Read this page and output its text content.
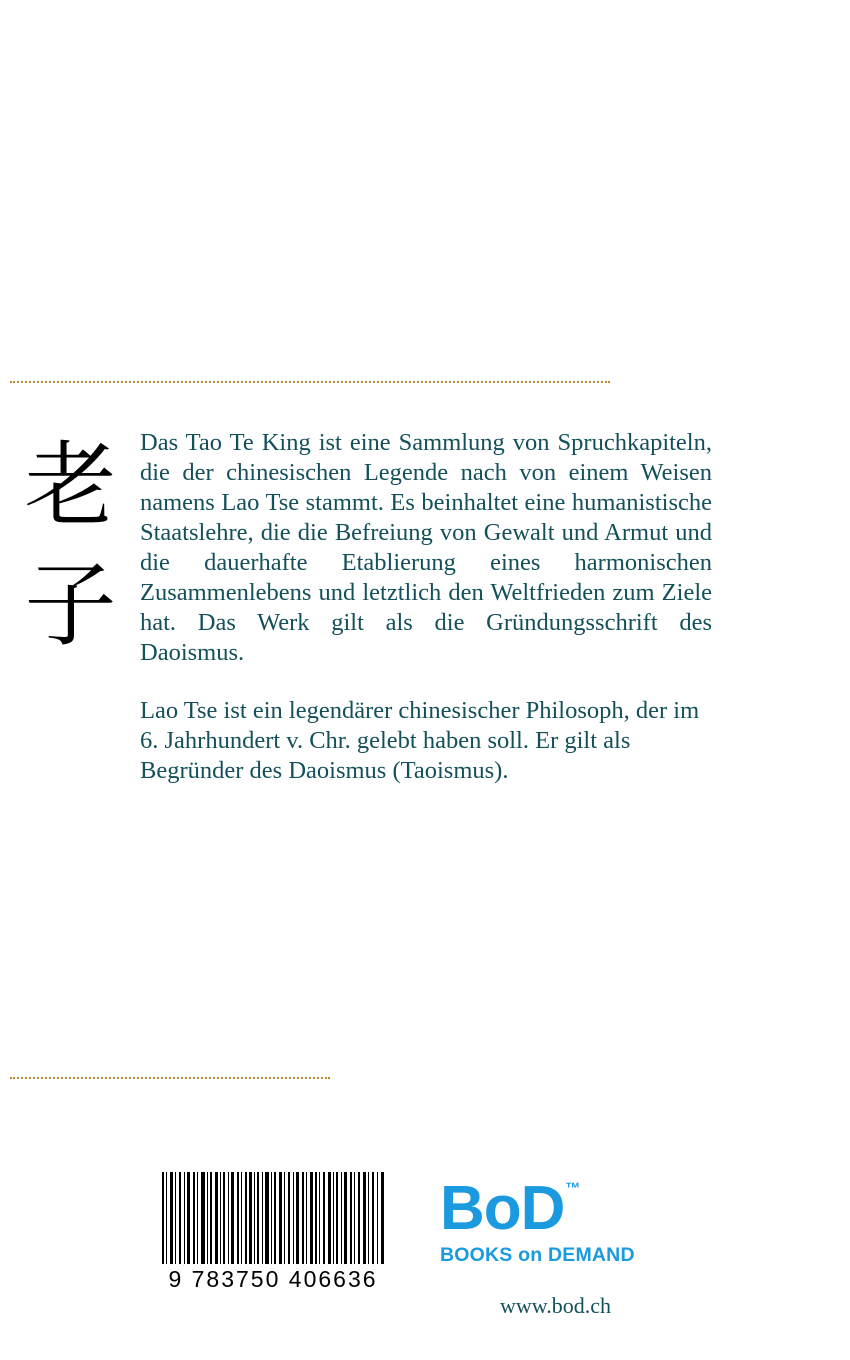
老
子

Das Tao Te King ist eine Sammlung von Spruchkapiteln, die der chinesischen Legende nach von einem Weisen namens Lao Tse stammt. Es beinhaltet eine humanistische Staatslehre, die die Befreiung von Gewalt und Armut und die dauerhafte Etablierung eines harmonischen Zusammenlebens und letztlich den Weltfrieden zum Ziele hat. Das Werk gilt als die Gründungsschrift des Daoismus.

Lao Tse ist ein legendärer chinesischer Philosoph, der im 6. Jahrhundert v. Chr. gelebt haben soll. Er gilt als Begründer des Daoismus (Taoismus).

9 783750 406636
BoD™
BOOKS on DEMAND
www.bod.ch
